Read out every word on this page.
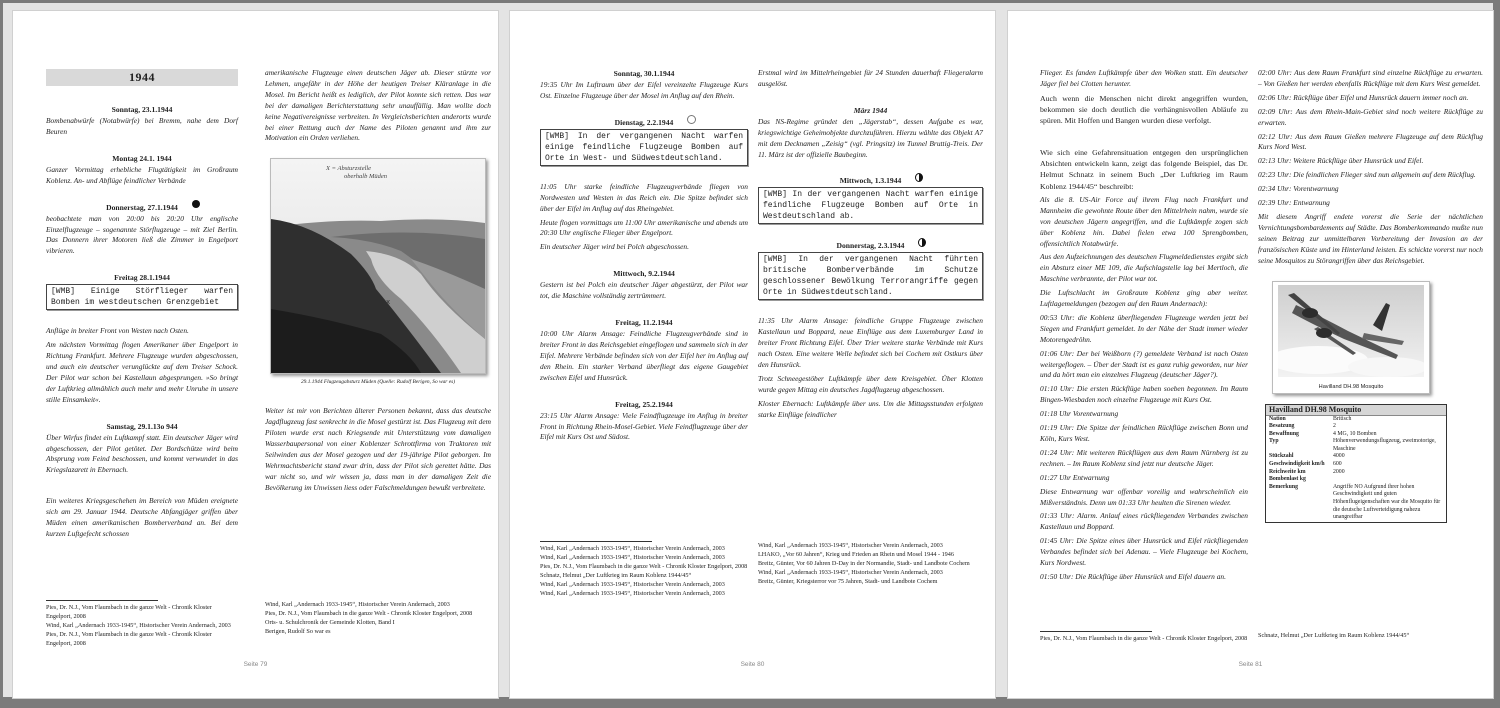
1944
Sonntag, 23.1.1944

Bombenabwürfe (Notabwürfe) bei Bremm, nahe dem Dorf Beuren

Montag 24.1. 1944

Ganzer Vormittag erhebliche Flugtätigkeit im Großraum Koblenz. An- und Abflüge feindlicher Verbände

Donnerstag, 27.1.1944

beobachtete man von 20:00 bis 20:20 Uhr englische Einzelflugzeuge – sogenannte Störflugzeuge – mit Ziel Berlin. Das Donnern ihrer Motoren ließ die Zimmer in Engelport vibrieren.

Freitag 28.1.1944
[WMB] Einige Störflieger warfen Bomben im westdeutschen Grenzgebiet

Anflüge in breiter Front von Westen nach Osten.

Am nächsten Vormittag flogen Amerikaner über Engelport in Richtung Frankfurt. Mehrere Flugzeuge wurden abgeschossen, und auch ein deutscher verunglückte auf dem Treiser Schock. Der Pilot war schon bei Kastellaun abgesprungen. »So bringt der Luftkrieg allmählich auch mehr und mehr Unruhe in unsere stille Einsamkeit«.

Samstag, 29.1.13o 944

Über Wirfus findet ein Luftkampf statt. Ein deutscher Jäger wird abgeschossen, der Pilot getötet. Der Bordschütze wird beim Absprung vom Feind beschossen, und kommt verwundet in das Kriegslazarett in Ebernach.

Ein weiteres Kriegsgeschehen im Bereich von Müden ereignete sich am 29. Januar 1944. Deutsche Abfangjäger griffen über Müden einen amerikanischen Bomberverband an. Bei dem kurzen Luftgefecht schossen

Pies, Dr. N.J., Vom Flaumbach in die ganze Welt - Chronik Kloster Engelport, 2008
Wind, Karl „Andernach 1933-1945“, Historischer Verein Andernach, 2003
Pies, Dr. N.J., Vom Flaumbach in die ganze Welt - Chronik Kloster Engelport, 2008

amerikanische Flugzeuge einen deutschen Jäger ab. Dieser stürzte vor Lehmen, ungefähr in der Höhe der heutigen Treiser Kläranlage in die Mosel. Im Bericht heißt es lediglich, der Pilot konnte sich retten. Das war bei der damaligen Berichterstattung sehr unauffällig. Man wollte doch keine Negativereignisse verbreiten. In Vergleichsberichten anderorts wurde bei einer Rettung auch der Name des Piloten genannt und ihm zur Motivation ein Orden verliehen.

x
X = Absturzstelle
oberhalb Müden
29.1.1944 Flugzeugabsturz Müden (Quelle: Rudolf Berigen, So war es)

Weiter ist mir von Berichten älterer Personen bekannt, dass das deutsche Jagdflugzeug fast senkrecht in die Mosel gestürzt ist. Das Flugzeug mit dem Piloten wurde erst nach Kriegsende mit Unterstützung vom damaligen Wasserbaupersonal von einer Koblenzer Schrottfirma von Traktoren mit Seilwinden aus der Mosel gezogen und der 19-jährige Pilot geborgen. Im Wehrmachtsbericht stand zwar drin, dass der Pilot sich gerettet hätte. Das war nicht so, und wir wissen ja, dass man in der damaligen Zeit die Bevölkerung im Unwissen liess oder Falschmeldungen bewußt verbreitete.

Wind, Karl „Andernach 1933-1945“, Historischer Verein Andernach, 2003
Pies, Dr. N.J., Vom Flaumbach in die ganze Welt - Chronik Kloster Engelport, 2008
Orts- u. Schulchronik der Gemeinde Klotten, Band I
Berigen, Rudolf So war es
Seite 79
Sonntag, 30.1.1944

19:35 Uhr Im Luftraum über der Eifel vereinzelte Flugzeuge Kurs Ost. Einzelne Flugzeuge über der Mosel im Anflug auf den Rhein.

Dienstag, 2.2.1944
[WMB] In der vergangenen Nacht warfen einige feindliche Flugzeuge Bomben auf Orte in West- und Südwestdeutschland.

11:05 Uhr starke feindliche Flugzeugverbände fliegen von Nordwesten und Westen in das Reich ein. Die Spitze befindet sich über der Eifel im Anflug auf das Rheingebiet.

Heute flogen vormittags um 11:00 Uhr amerikanische und abends um 20:30 Uhr englische Flieger über Engelport.

Ein deutscher Jäger wird bei Polch abgeschossen.

Mittwoch, 9.2.1944

Gestern ist bei Polch ein deutscher Jäger abgestürzt, der Pilot war tot, die Maschine vollständig zertrümmert.

Freitag, 11.2.1944

10:00 Uhr Alarm Ansage: Feindliche Flugzeugverbände sind in breiter Front in das Reichsgebiet eingeflogen und sammeln sich in der Eifel. Mehrere Verbände befinden sich von der Eifel her im Anflug auf den Rhein. Ein starker Verband überfliegt das eigene Gaugebiet zwischen Eifel und Hunsrück.

Freitag, 25.2.1944

23:15 Uhr Alarm Ansage: Viele Feindflugzeuge im Anflug in breiter Front in Richtung Rhein-Mosel-Gebiet. Viele Feindflugzeuge über der Eifel mit Kurs Ost und Südost.

Wind, Karl „Andernach 1933-1945“, Historischer Verein Andernach, 2003
Wind, Karl „Andernach 1933-1945“, Historischer Verein Andernach, 2003
Pies, Dr. N.J., Vom Flaumbach in die ganze Welt - Chronik Kloster Engelport, 2008
Schnatz, Helmut „Der Luftkrieg im Raum Koblenz 1944/45“
Wind, Karl „Andernach 1933-1945“, Historischer Verein Andernach, 2003
Wind, Karl „Andernach 1933-1945“, Historischer Verein Andernach, 2003

Erstmal wird im Mittelrheingebiet für 24 Stunden dauerhaft Fliegeralarm ausgelöst.

März 1944

Das NS-Regime gründet den „Jägerstab“, dessen Aufgabe es war, kriegswichtige Geheimobjekte durchzuführen. Hierzu wählte das Objekt A7 mit dem Decknamen „Zeisig“ (vgl. Pringsitz) im Tunnel Bruttig-Treis. Der 11. März ist der offizielle Baubeginn.

Mittwoch, 1.3.1944
[WMB] In der vergangenen Nacht warfen einige feindliche Flugzeuge Bomben auf Orte in Westdeutschland ab.
Donnerstag, 2.3.1944
[WMB] In der vergangenen Nacht führten britische Bomberverbände im Schutze geschlossener Bewölkung Terrorangriffe gegen Orte in Südwestdeutschland.

11:35 Uhr Alarm Ansage: feindliche Gruppe Flugzeuge zwischen Kastellaun und Boppard, neue Einflüge aus dem Luxemburger Land in breiter Front Richtung Eifel. Über Trier weitere starke Verbände mit Kurs nach Osten. Eine weitere Welle befindet sich bei Cochem mit Ostkurs über den Hunsrück.

Trotz Schneegestöber Luftkämpfe über dem Kreisgebiet. Über Klotten wurde gegen Mittag ein deutsches Jagdflugzeug abgeschossen.

Kloster Ebernach: Luftkämpfe über uns. Um die Mittagsstunden erfolgten starke Einflüge feindlicher

Wind, Karl „Andernach 1933-1945“, Historischer Verein Andernach, 2003
LHAKO, „Vor 60 Jahren“, Krieg und Frieden an Rhein und Mosel 1944 - 1946
Breitz, Günter, Vor 60 Jahren D-Day in der Normandie, Stadt- und Landbote Cochem
Wind, Karl „Andernach 1933-1945“, Historischer Verein Andernach, 2003
Breitz, Günter, Kriegsterror vor 75 Jahren, Stadt- und Landbote Cochem
Seite 80

Flieger. Es fanden Luftkämpfe über den Wolken statt. Ein deutscher Jäger fiel bei Clotten herunter.

Auch wenn die Menschen nicht direkt angegriffen wurden, bekommen sie doch deutlich die verhängnisvollen Abläufe zu spüren. Mit Hoffen und Bangen wurden diese verfolgt.

Wie sich eine Gefahrensituation entgegen den ursprünglichen Absichten entwickeln kann, zeigt das folgende Beispiel, das Dr. Helmut Schnatz in seinem Buch „Der Luftkrieg im Raum Koblenz 1944/45“ beschreibt:

Als die 8. US-Air Force auf ihrem Flug nach Frankfurt und Mannheim die gewohnte Route über den Mittelrhein nahm, wurde sie von deutschen Jägern angegriffen, und die Luftkämpfe zogen sich über Koblenz hin. Dabei fielen etwa 100 Sprengbomben, offensichtlich Notabwürfe.

Aus den Aufzeichnungen des deutschen Flugmeldedienstes ergibt sich ein Absturz einer ME 109, die Aufschlagstelle lag bei Mertloch, die Maschine verbrannte, der Pilot war tot.

Die Luftschlacht im Großraum Koblenz ging aber weiter. Luftlagemeldungen (bezogen auf den Raum Andernach):

00:53 Uhr: die Koblenz überfliegenden Flugzeuge werden jetzt bei Siegen und Frankfurt gemeldet. In der Nähe der Stadt immer wieder Motorengedröhn.

01:06 Uhr: Der bei Weißborn (?) gemeldete Verband ist nach Osten weitergeflogen. – Über der Stadt ist es ganz ruhig geworden, nur hier und da hört man ein einzelnes Flugzeug (deutscher Jäger?).

01:10 Uhr: Die ersten Rückflüge haben soeben begonnen. Im Raum Bingen-Wiesbaden noch einzelne Flugzeuge mit Kurs Ost.

01:18 Uhr Vorentwarnung

01:19 Uhr: Die Spitze der feindlichen Rückflüge zwischen Bonn und Köln, Kurs West.

01:24 Uhr: Mit weiteren Rückflügen aus dem Raum Nürnberg ist zu rechnen. – Im Raum Koblenz sind jetzt nur deutsche Jäger.

01:27 Uhr Entwarnung

Diese Entwarnung war offenbar voreilig und wahrscheinlich ein Mißverständnis. Denn um 01:33 Uhr heulten die Sirenen wieder.

01:33 Uhr: Alarm. Anlauf eines rückfliegenden Verbandes zwischen Kastellaun und Boppard.

01:45 Uhr: Die Spitze eines über Hunsrück und Eifel rückfliegenden Verbandes befindet sich bei Adenau. – Viele Flugzeuge bei Kochem, Kurs Nordwest.

01:50 Uhr: Die Rückflüge über Hunsrück und Eifel dauern an.

Pies, Dr. N.J., Vom Flaumbach in die ganze Welt - Chronik Kloster Engelport, 2008

02:00 Uhr: Aus dem Raum Frankfurt sind einzelne Rückflüge zu erwarten. – Von Gießen her werden ebenfalls Rückflüge mit dem Kurs West gemeldet.

02:06 Uhr: Rückflüge über Eifel und Hunsrück dauern immer noch an.

02:09 Uhr: Aus dem Rhein-Main-Gebiet sind noch weitere Rückflüge zu erwarten.

02:12 Uhr: Aus dem Raum Gießen mehrere Flugzeuge auf dem Rückflug Kurs Nord West.

02:13 Uhr: Weitere Rückflüge über Hunsrück und Eifel.

02:23 Uhr: Die feindlichen Flieger sind nun allgemein auf dem Rückflug.

02:34 Uhr: Vorentwarnung

02:39 Uhr: Entwarnung

Mit diesem Angriff endete vorerst die Serie der nächtlichen Vernichtungsbombardements auf Städte. Das Bomberkommando mußte nun seinen Beitrag zur unmittelbaren Vorbereitung der Invasion an der französischen Küste und im Hinterland leisten. Es schickte vorerst nur noch seine Mosquitos zu Störangriffen über das Reichsgebiet.

Havilland DH.98 Mosquito
Havilland DH.98 Mosquito
Nation	Britisch
Besatzung	2
Bewaffnung	4 MG, 10 Bomben
Typ	Höhenverwendungsflugzeug, zweimotorige, Maschine
Stückzahl	4000
Geschwindigkeit km/h	600
Reichweite km	2000
Bombenlast kg
Bemerkung	Angriffe NO Aufgrund ihrer hohen Geschwindigkeit und guten Höhenflugeigenschaften war die Mosquito für die deutsche Luftverteidigung nahezu unangreifbar
Schnatz, Helmut „Der Luftkrieg im Raum Koblenz 1944/45“
Seite 81
